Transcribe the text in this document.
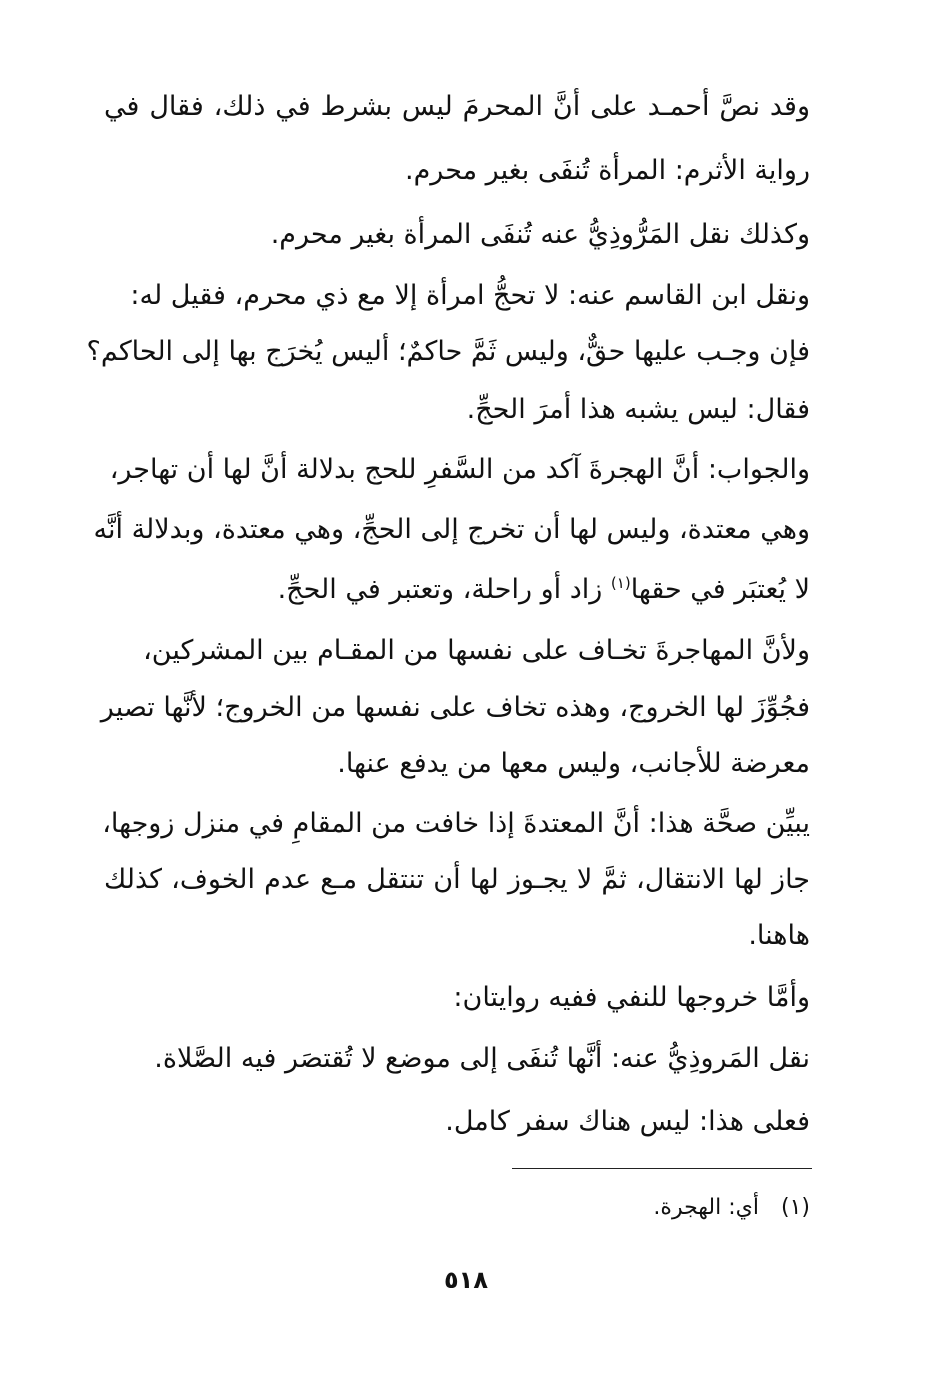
وقد نصَّ أحمـد على أنَّ المحرمَ ليس بشرط في ذلك، فقال في
رواية الأثرم: المرأة تُنفَى بغير محرم.
وكذلك نقل المَرُّوذِيُّ عنه تُنفَى المرأة بغير محرم.
ونقل ابن القاسم عنه: لا تحجُّ امرأة إلا مع ذي محرم، فقيل له:
فإن وجـب عليها حقٌّ، وليس ثَمَّ حاكمٌ؛ أليس يُخرَج بها إلى الحاكم؟
فقال: ليس يشبه هذا أمرَ الحجِّ.
والجواب: أنَّ الهجرةَ آكد من السَّفرِ للحج بدلالة أنَّ لها أن تهاجر،
وهي معتدة، وليس لها أن تخرج إلى الحجِّ، وهي معتدة، وبدلالة أنَّه
لا يُعتبَر في حقها$^{(١)}$ زاد أو راحلة، وتعتبر في الحجِّ.
ولأنَّ المهاجرةَ تخـاف على نفسها من المقـام بين المشركين،
فجُوِّزَ لها الخروج، وهذه تخاف على نفسها من الخروج؛ لأنَّها تصير
معرضة للأجانب، وليس معها من يدفع عنها.
يبيِّن صحَّة هذا: أنَّ المعتدةَ إذا خافت من المقامِ في منزل زوجها،
جاز لها الانتقال، ثمَّ لا يجـوز لها أن تنتقل مـع عدم الخوف، كذلك
هاهنا.
وأمَّا خروجها للنفي ففيه روايتان:
نقل المَروذِيُّ عنه: أنَّها تُنفَى إلى موضع لا تُقتصَر فيه الصَّلاة.
فعلى هذا: ليس هناك سفر كامل.
(١)أي: الهجرة.
٥١٨
